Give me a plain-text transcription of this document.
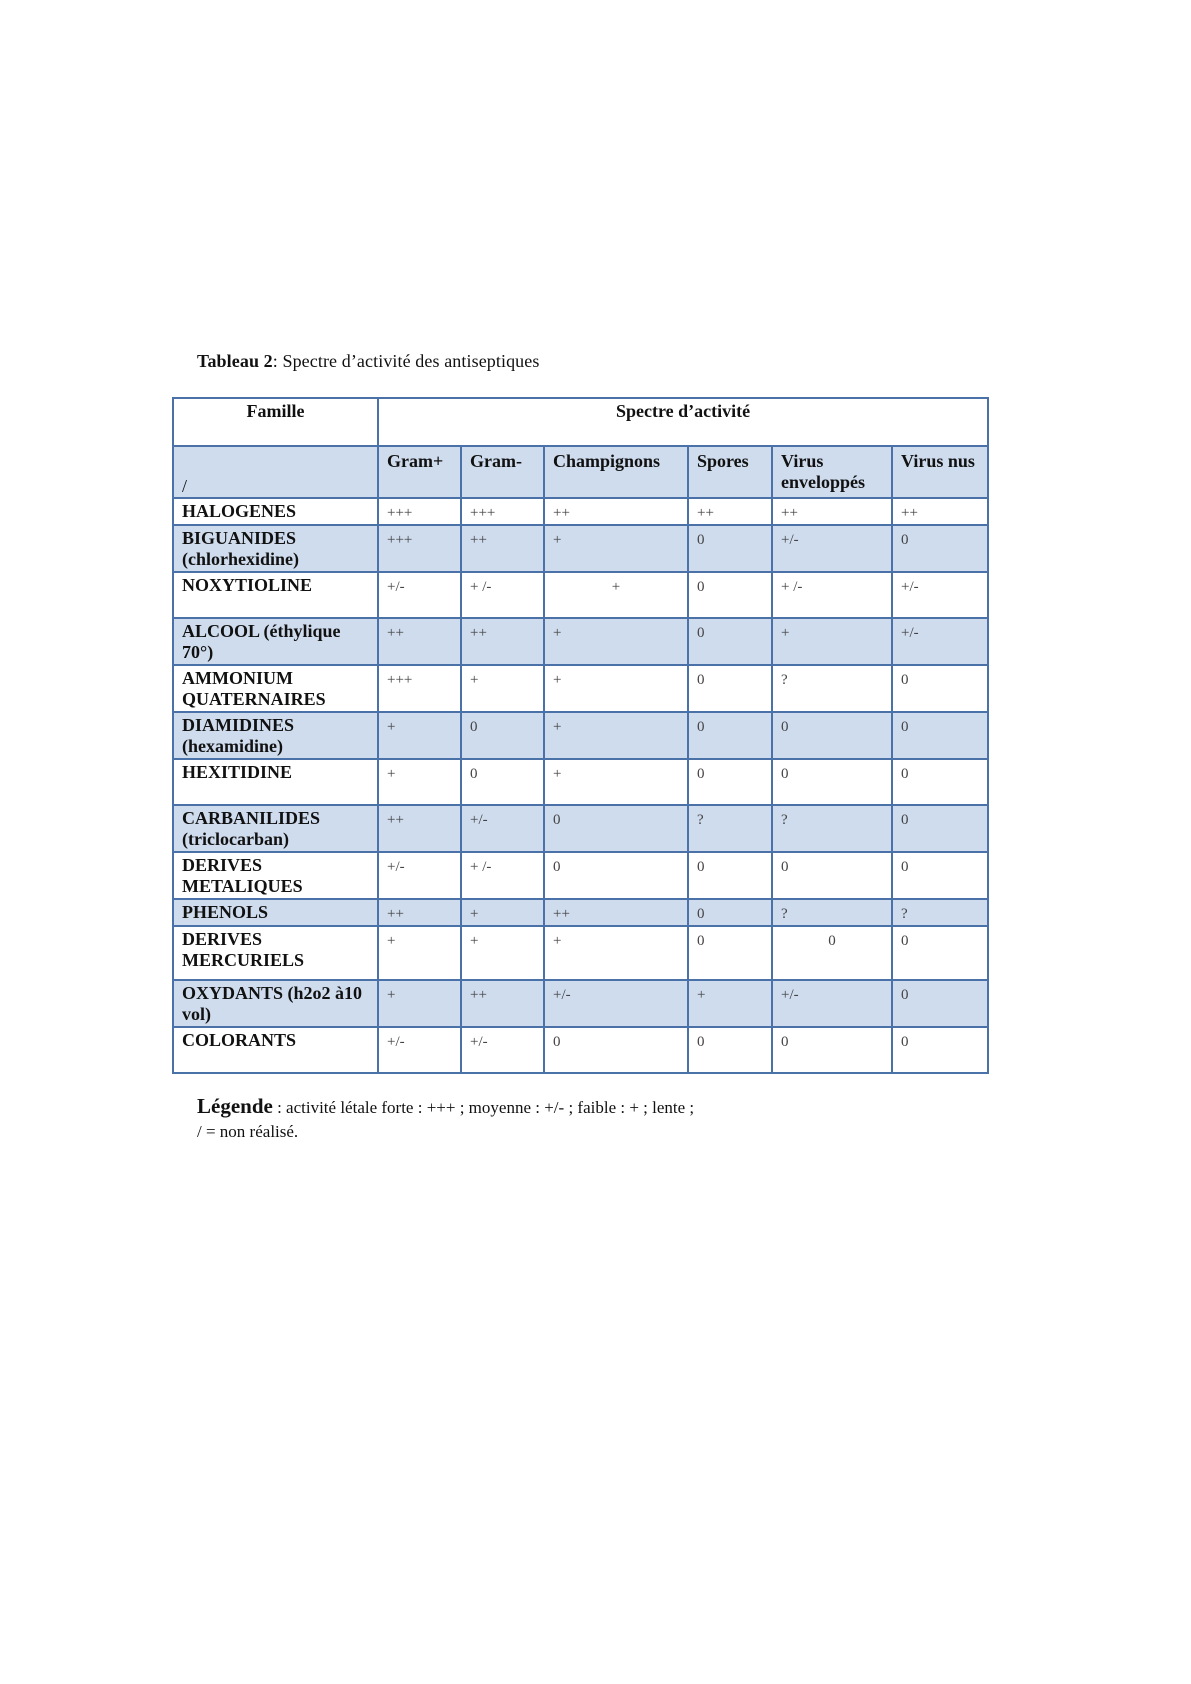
Tableau 2: Spectre d’activité des antiseptiques
Famille	Spectre d’activité					
/	Gram+	Gram-	Champignons	Spores	Virus enveloppés	Virus nus
HALOGENES	+++	+++	++	++	++	++
BIGUANIDES (chlorhexidine)	+++	++	+	0	+/-	0
NOXYTIOLINE	+/-	+ /-	+	0	+ /-	+/-
ALCOOL (éthylique 70°)	++	++	+	0	+	+/-
AMMONIUM QUATERNAIRES	+++	+	+	0	?	0
DIAMIDINES (hexamidine)	+	0	+	0	0	0
HEXITIDINE	+	0	+	0	0	0
CARBANILIDES (triclocarban)	++	+/-	0	?	?	0
DERIVES METALIQUES	+/-	+ /-	0	0	0	0
PHENOLS	++	+	++	0	?	?
DERIVES MERCURIELS	+	+	+	0	0	0
OXYDANTS (h2o2 à10 vol)	+	++	+/-	+	+/-	0
COLORANTS	+/-	+/-	0	0	0	0
Légende : activité létale forte : +++ ; moyenne : +/- ; faible : + ; lente ;
/ = non réalisé.
